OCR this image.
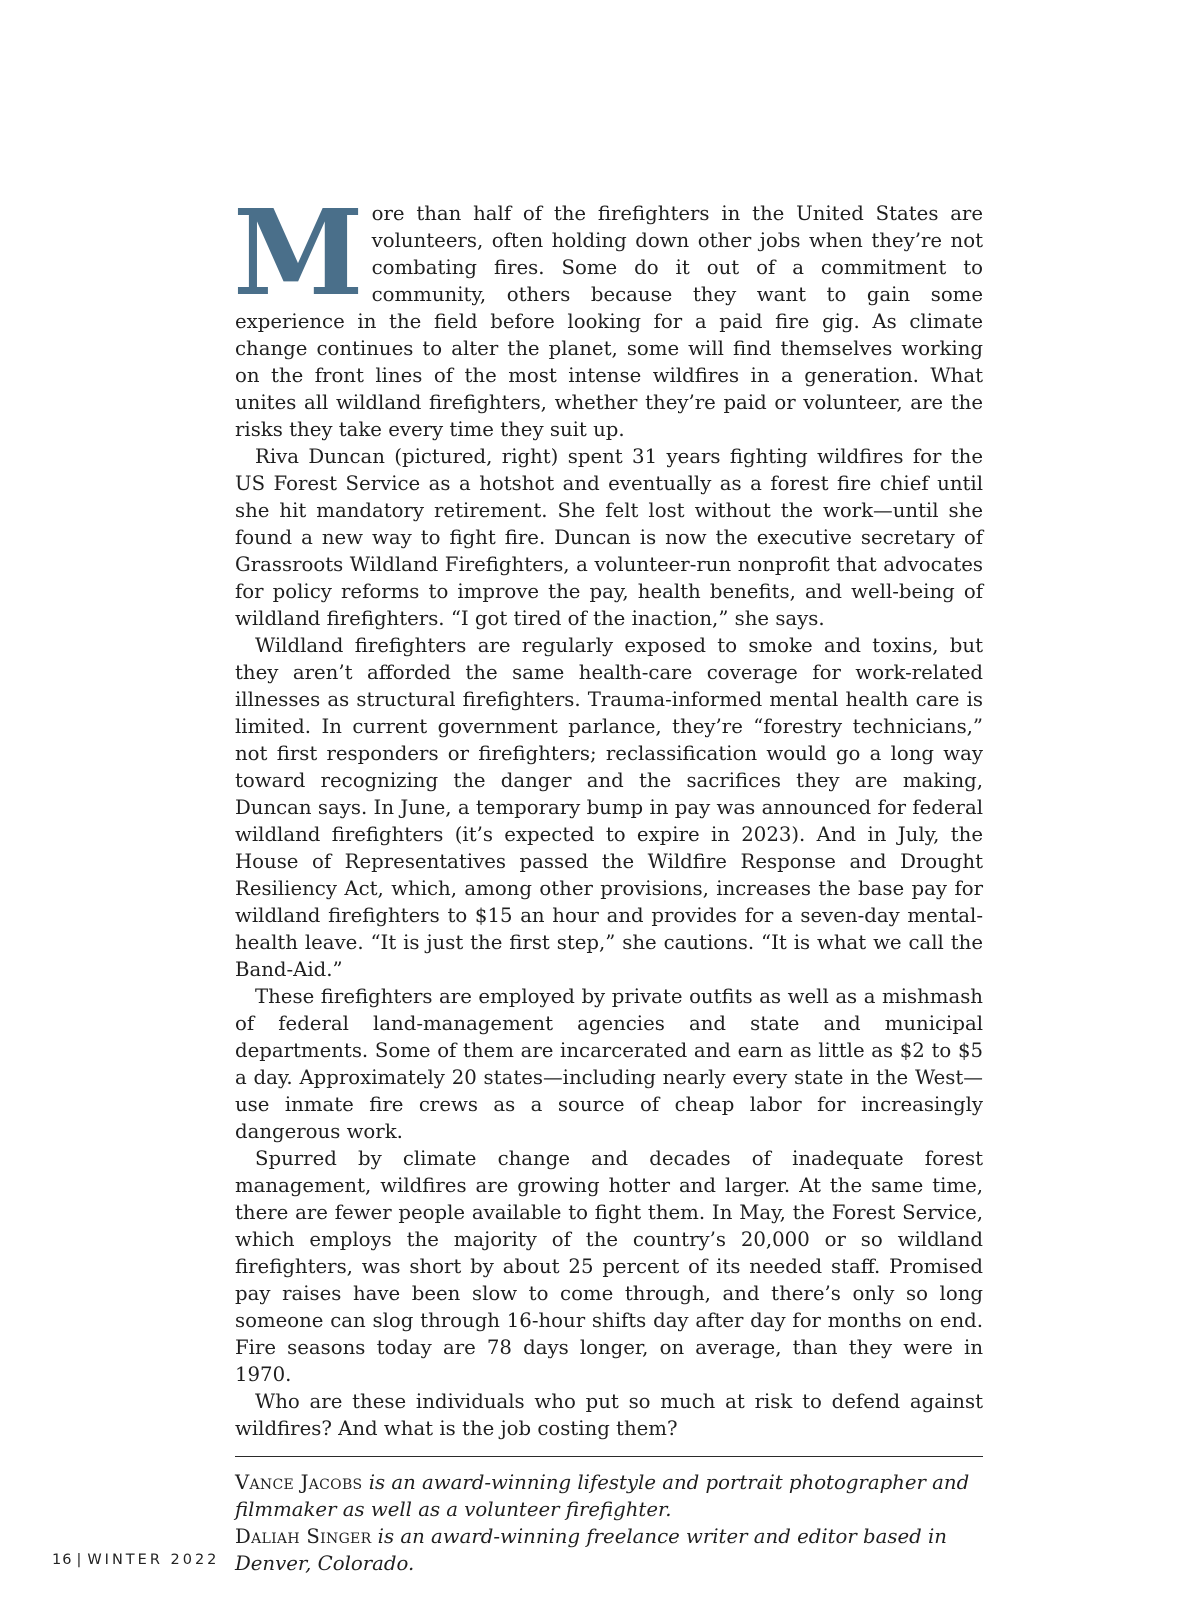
More than half of the firefighters in the United States are volunteers, often holding down other jobs when they’re not combating fires. Some do it out of a commitment to community, others because they want to gain some experience in the field before looking for a paid fire gig. As climate change continues to alter the planet, some will find themselves working on the front lines of the most intense wildfires in a generation. What unites all wildland firefighters, whether they’re paid or volunteer, are the risks they take every time they suit up.

Riva Duncan (pictured, right) spent 31 years fighting wildfires for the US Forest Service as a hotshot and eventually as a forest fire chief until she hit mandatory retirement. She felt lost without the work—until she found a new way to fight fire. Duncan is now the executive secretary of Grassroots Wildland Firefighters, a volunteer-run nonprofit that advocates for policy reforms to improve the pay, health benefits, and well-being of wildland firefighters. “I got tired of the inaction,” she says.

Wildland firefighters are regularly exposed to smoke and toxins, but they aren’t afforded the same health-care coverage for work-related illnesses as structural firefighters. Trauma-informed mental health care is limited. In current government parlance, they’re “forestry technicians,” not first responders or firefighters; reclassification would go a long way toward recognizing the danger and the sacrifices they are making, Duncan says. In June, a temporary bump in pay was announced for federal wildland firefighters (it’s expected to expire in 2023). And in July, the House of Representatives passed the Wildfire Response and Drought Resiliency Act, which, among other provisions, increases the base pay for wildland firefighters to $15 an hour and provides for a seven-day mental-health leave. “It is just the first step,” she cautions. “It is what we call the Band-Aid.”

These firefighters are employed by private outfits as well as a mishmash of federal land-management agencies and state and municipal departments. Some of them are incarcerated and earn as little as $2 to $5 a day. Approximately 20 states—including nearly every state in the West—use inmate fire crews as a source of cheap labor for increasingly dangerous work.

Spurred by climate change and decades of inadequate forest management, wildfires are growing hotter and larger. At the same time, there are fewer people available to fight them. In May, the Forest Service, which employs the majority of the country’s 20,000 or so wildland firefighters, was short by about 25 percent of its needed staff. Promised pay raises have been slow to come through, and there’s only so long someone can slog through 16-hour shifts day after day for months on end. Fire seasons today are 78 days longer, on average, than they were in 1970.

Who are these individuals who put so much at risk to defend against wildfires? And what is the job costing them?

Vance Jacobs is an award-winning lifestyle and portrait photographer and filmmaker as well as a volunteer firefighter.

Daliah Singer is an award-winning freelance writer and editor based in Denver, Colorado.

16 | WINTER 2022
